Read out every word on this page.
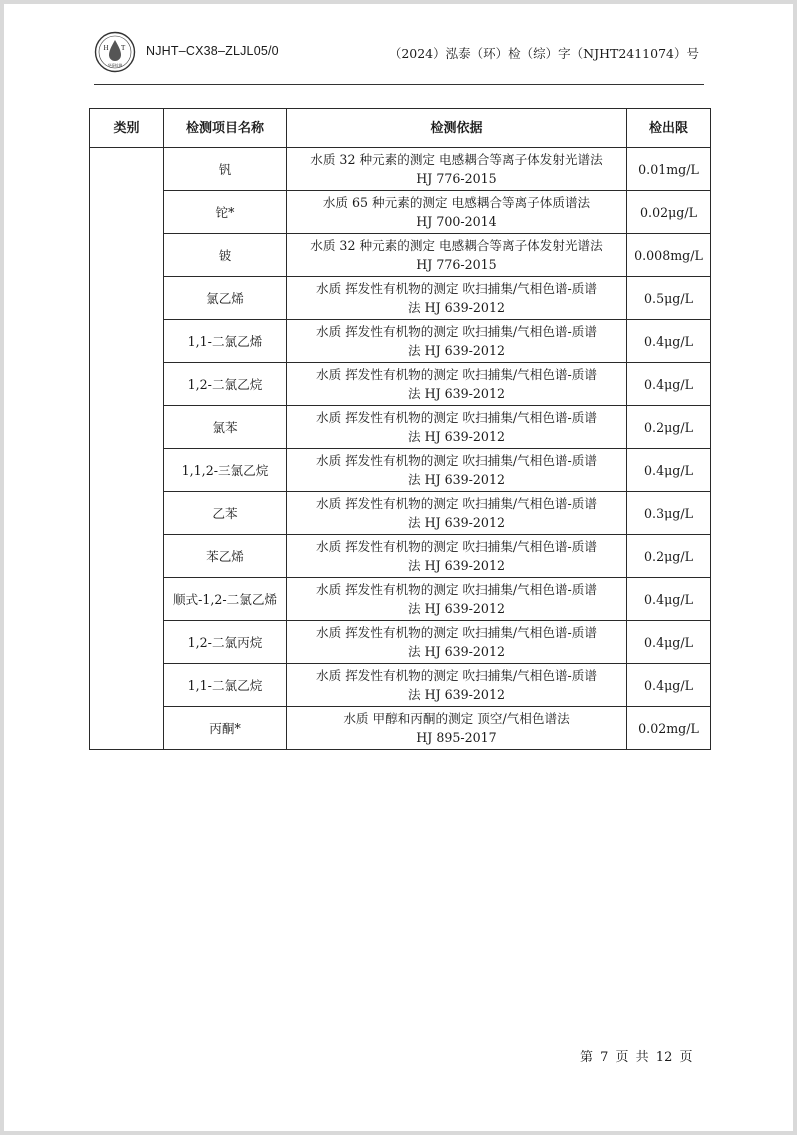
H T
华泰检测
NJHT–CX38–ZLJL05/0	（2024）泓泰（环）检（综）字（NJHT2411074）号
类别	检测项目名称	检测依据	检出限
	钒	水质 32 种元素的测定 电感耦合等离子体发射光谱法
HJ 776-2015	0.01mg/L
	铊*	水质 65 种元素的测定 电感耦合等离子体质谱法
HJ 700-2014	0.02μg/L
	铍	水质 32 种元素的测定 电感耦合等离子体发射光谱法
HJ 776-2015	0.008mg/L
	氯乙烯	水质 挥发性有机物的测定 吹扫捕集/气相色谱-质谱
法 HJ 639-2012	0.5μg/L
	1,1-二氯乙烯	水质 挥发性有机物的测定 吹扫捕集/气相色谱-质谱
法 HJ 639-2012	0.4μg/L
	1,2-二氯乙烷	水质 挥发性有机物的测定 吹扫捕集/气相色谱-质谱
法 HJ 639-2012	0.4μg/L
	氯苯	水质 挥发性有机物的测定 吹扫捕集/气相色谱-质谱
法 HJ 639-2012	0.2μg/L
	1,1,2-三氯乙烷	水质 挥发性有机物的测定 吹扫捕集/气相色谱-质谱
法 HJ 639-2012	0.4μg/L
	乙苯	水质 挥发性有机物的测定 吹扫捕集/气相色谱-质谱
法 HJ 639-2012	0.3μg/L
	苯乙烯	水质 挥发性有机物的测定 吹扫捕集/气相色谱-质谱
法 HJ 639-2012	0.2μg/L
	顺式-1,2-二氯乙烯	水质 挥发性有机物的测定 吹扫捕集/气相色谱-质谱
法 HJ 639-2012	0.4μg/L
	1,2-二氯丙烷	水质 挥发性有机物的测定 吹扫捕集/气相色谱-质谱
法 HJ 639-2012	0.4μg/L
	1,1-二氯乙烷	水质 挥发性有机物的测定 吹扫捕集/气相色谱-质谱
法 HJ 639-2012	0.4μg/L
	丙酮*	水质 甲醇和丙酮的测定 顶空/气相色谱法
HJ 895-2017	0.02mg/L
第 7 页 共 12 页
